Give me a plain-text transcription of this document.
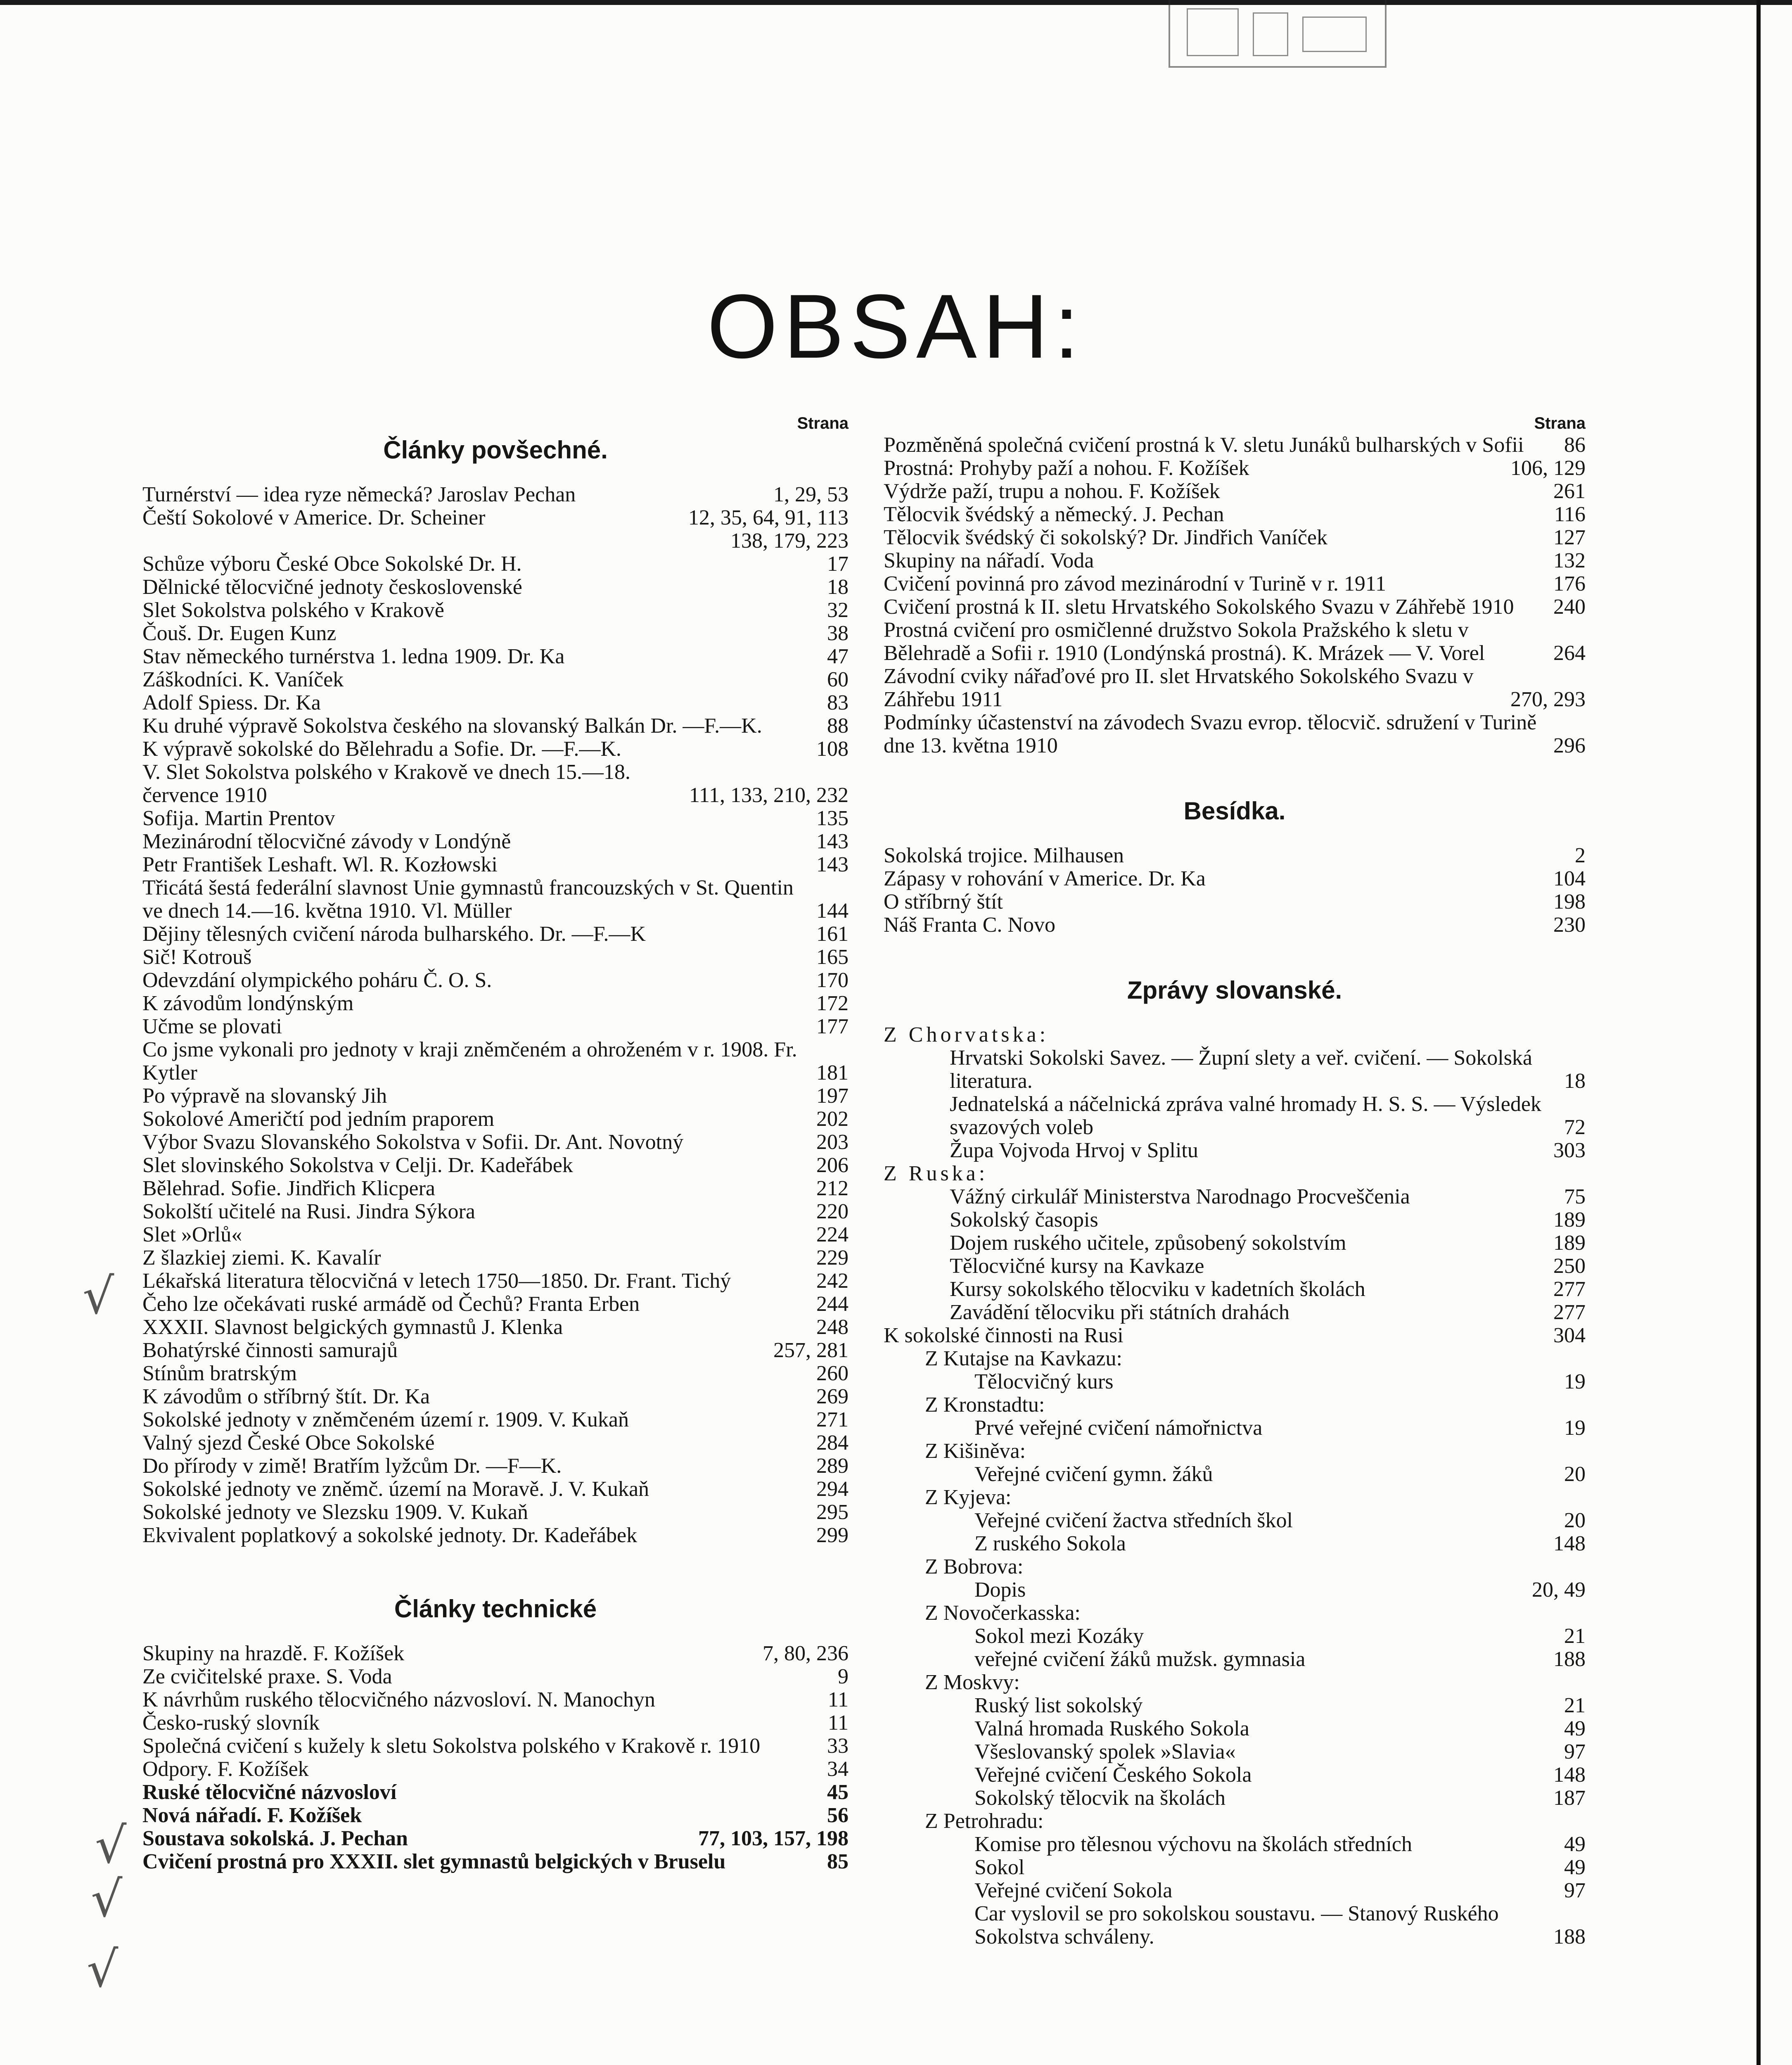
OBSAH:
Strana
Články povšechné.
Turnérství — idea ryze německá? Jaroslav Pechan	1, 29, 53
Čeští Sokolové v Americe. Dr. Scheiner	12, 35, 64, 91, 113
138, 179, 223
Schůze výboru České Obce Sokolské Dr. H.	17
Dělnické tělocvičné jednoty československé	18
Slet Sokolstva polského v Krakově	32
Čouš. Dr. Eugen Kunz	38
Stav německého turnérstva 1. ledna 1909. Dr. Ka	47
Záškodníci. K. Vaníček	60
Adolf Spiess. Dr. Ka	83
Ku druhé výpravě Sokolstva českého na slovanský Balkán Dr. —F.—K.	88
K výpravě sokolské do Bělehradu a Sofie. Dr. —F.—K.	108
V. Slet Sokolstva polského v Krakově ve dnech 15.—18. července 1910	111, 133, 210, 232
Sofija. Martin Prentov	135
Mezinárodní tělocvičné závody v Londýně	143
Petr František Leshaft. Wl. R. Kozłowski	143
Třicátá šestá federální slavnost Unie gymnastů francouzských v St. Quentin ve dnech 14.—16. května 1910. Vl. Müller	144
Dějiny tělesných cvičení národa bulharského. Dr. —F.—K	161
Sič! Kotrouš	165
Odevzdání olympického poháru Č. O. S.	170
K závodům londýnským	172
Učme se plovati	177
Co jsme vykonali pro jednoty v kraji zněmčeném a ohroženém v r. 1908. Fr. Kytler	181
Po výpravě na slovanský Jih	197
Sokolové Američtí pod jedním praporem	202
Výbor Svazu Slovanského Sokolstva v Sofii. Dr. Ant. Novotný	203
Slet slovinského Sokolstva v Celji. Dr. Kadeřábek	206
Bělehrad. Sofie. Jindřich Klicpera	212
Sokolští učitelé na Rusi. Jindra Sýkora	220
Slet »Orlů«	224
Z šlazkiej ziemi. K. Kavalír	229
Lékařská literatura tělocvičná v letech 1750—1850. Dr. Frant. Tichý	242
Čeho lze očekávati ruské armádě od Čechů? Franta Erben	244
XXXII. Slavnost belgických gymnastů J. Klenka	248
Bohatýrské činnosti samurajů	257, 281
Stínům bratrským	260
K závodům o stříbrný štít. Dr. Ka	269
Sokolské jednoty v zněmčeném území r. 1909. V. Kukaň	271
Valný sjezd České Obce Sokolské	284
Do přírody v zimě! Bratřím lyžcům Dr. —F—K.	289
Sokolské jednoty ve zněmč. území na Moravě. J. V. Kukaň	294
Sokolské jednoty ve Slezsku 1909. V. Kukaň	295
Ekvivalent poplatkový a sokolské jednoty. Dr. Kadeřábek	299
Články technické
Skupiny na hrazdě. F. Kožíšek	7, 80, 236
Ze cvičitelské praxe. S. Voda	9
K návrhům ruského tělocvičného názvosloví. N. Manochyn	11
Česko-ruský slovník	11
Společná cvičení s kužely k sletu Sokolstva polského v Krakově r. 1910	33
Odpory. F. Kožíšek	34
Ruské tělocvičné názvosloví	45
Nová nářadí. F. Kožíšek	56
Soustava sokolská. J. Pechan	77, 103, 157, 198
Cvičení prostná pro XXXII. slet gymnastů belgických v Bruselu	85
Strana
Pozměněná společná cvičení prostná k V. sletu Junáků bulharských v Sofii	86
Prostná: Prohyby paží a nohou. F. Kožíšek	106, 129
Výdrže paží, trupu a nohou. F. Kožíšek	261
Tělocvik švédský a německý. J. Pechan	116
Tělocvik švédský či sokolský? Dr. Jindřich Vaníček	127
Skupiny na nářadí. Voda	132
Cvičení povinná pro závod mezinárodní v Turině v r. 1911	176
Cvičení prostná k II. sletu Hrvatského Sokolského Svazu v Záhřebě 1910	240
Prostná cvičení pro osmičlenné družstvo Sokola Pražského k sletu v Bělehradě a Sofii r. 1910 (Londýnská prostná). K. Mrázek — V. Vorel	264
Závodní cviky nářaďové pro II. slet Hrvatského Sokolského Svazu v Záhřebu 1911	270, 293
Podmínky účastenství na závodech Svazu evrop. tělocvič. sdružení v Turině dne 13. května 1910	296
Besídka.
Sokolská trojice. Milhausen	2
Zápasy v rohování v Americe. Dr. Ka	104
O stříbrný štít	198
Náš Franta C. Novo	230
Zprávy slovanské.
Z Chorvatska:
Hrvatski Sokolski Savez. — Župní slety a veř. cvičení. — Sokolská literatura.	18
Jednatelská a náčelnická zpráva valné hromady H. S. S. — Výsledek svazových voleb	72
Župa Vojvoda Hrvoj v Splitu	303
Z Ruska:
Vážný cirkulář Ministerstva Narodnago Procveščenia	75
Sokolský časopis	189
Dojem ruského učitele, způsobený sokolstvím	189
Tělocvičné kursy na Kavkaze	250
Kursy sokolského tělocviku v kadetních školách	277
Zavádění tělocviku při státních drahách	277
K sokolské činnosti na Rusi	304
Z Kutajse na Kavkazu:
Tělocvičný kurs	19
Z Kronstadtu:
Prvé veřejné cvičení námořnictva	19
Z Kišiněva:
Veřejné cvičení gymn. žáků	20
Z Kyjeva:
Veřejné cvičení žactva středních škol	20
Z ruského Sokola	148
Z Bobrova:
Dopis	20, 49
Z Novočerkasska:
Sokol mezi Kozáky	21
veřejné cvičení žáků mužsk. gymnasia	188
Z Moskvy:
Ruský list sokolský	21
Valná hromada Ruského Sokola	49
Všeslovanský spolek »Slavia«	97
Veřejné cvičení Českého Sokola	148
Sokolský tělocvik na školách	187
Z Petrohradu:
Komise pro tělesnou výchovu na školách středních	49
Sokol	49
Veřejné cvičení Sokola	97
Car vyslovil se pro sokolskou soustavu. — Stanový Ruského Sokolstva schváleny.	188
√
√
√
√
